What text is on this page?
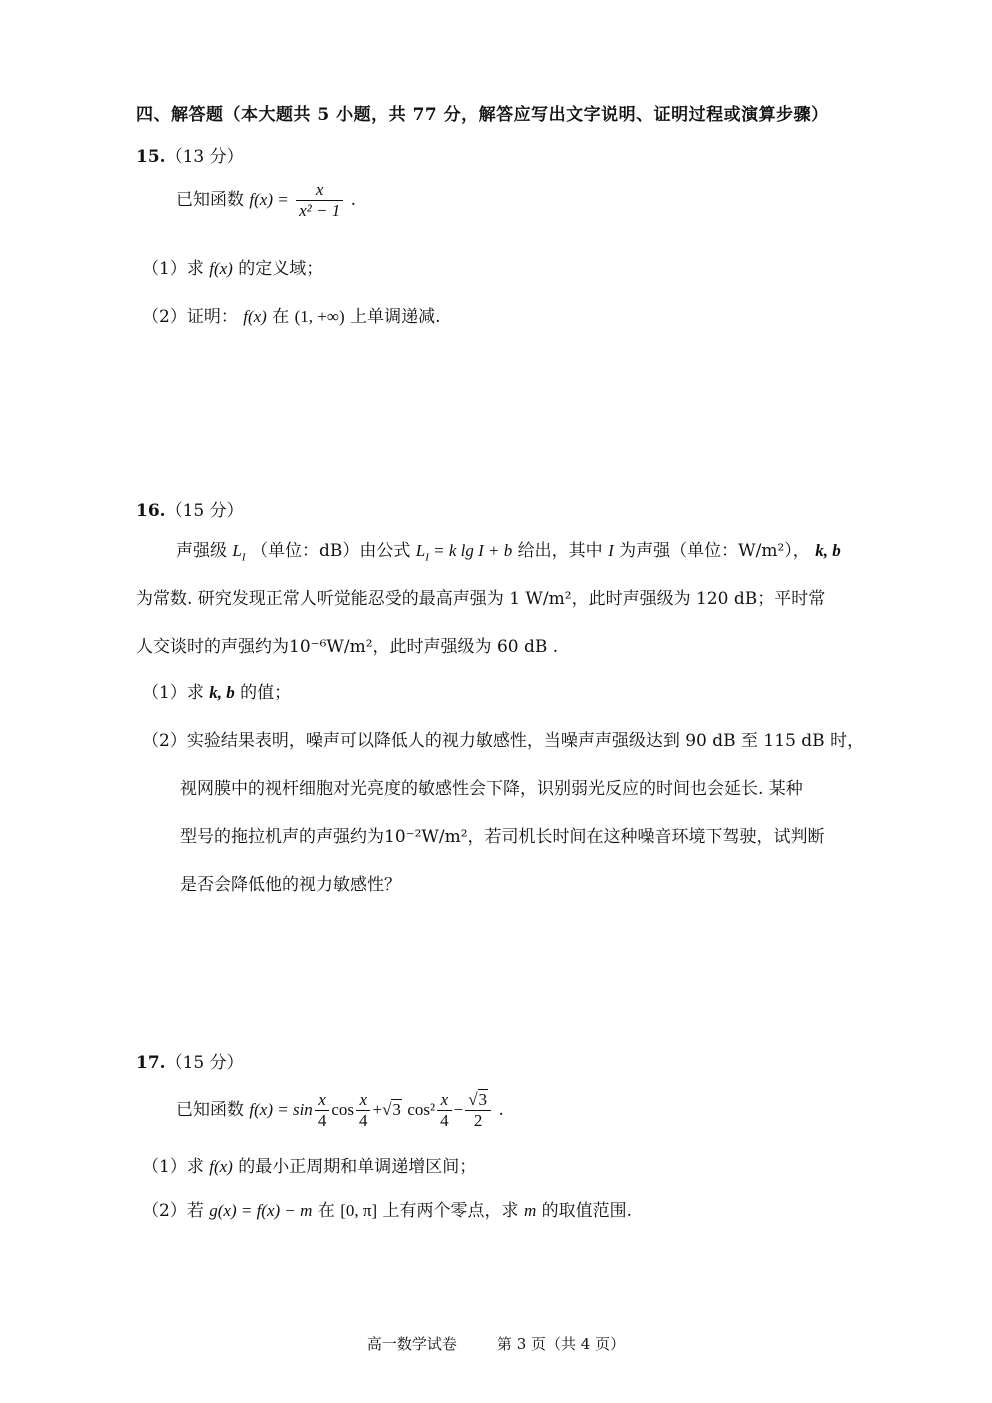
四、解答题（本大题共 5 小题，共 77 分，解答应写出文字说明、证明过程或演算步骤）
15.（13 分）
已知函数 $f(x) = \frac{x}{\text{x² − 1}}$ .
（1）求 f(x) 的定义域；
（2）证明： f(x) 在 (1, +∞) 上单调递减.
16.（15 分）
声强级 $L_I$ （单位：dB）由公式 $L_I = k$ lg I + b 给出，其中 I 为声强（单位：W/m²）， k, b
为常数. 研究发现正常人听觉能忍受的最高声强为 1 W/m²，此时声强级为 120 dB；平时常
人交谈时的声强约为10⁻⁶W/m²，此时声强级为 60 dB .
（1）求 k, b 的值；
（2）实验结果表明，噪声可以降低人的视力敏感性，当噪声声强级达到 90 dB 至 115 dB 时，
视网膜中的视杆细胞对光亮度的敏感性会下降，识别弱光反应的时间也会延长. 某种
型号的拖拉机声的声强约为10⁻²W/m²，若司机长时间在这种噪音环境下驾驶，试判断
是否会降低他的视力敏感性？
17.（15 分）
已知函数 $f(x) = \sin \frac{x}{4}$ $\cos \frac{x}{4} +√3$ $\cos^2 \frac{x}{4} - \frac{√3}{2}$ .
（1）求 f(x) 的最小正周期和单调递增区间；
（2）若 g(x) = f(x) − m 在 [0, π] 上有两个零点，求 m 的取值范围.
高一数学试卷	第 3 页（共 4 页）
